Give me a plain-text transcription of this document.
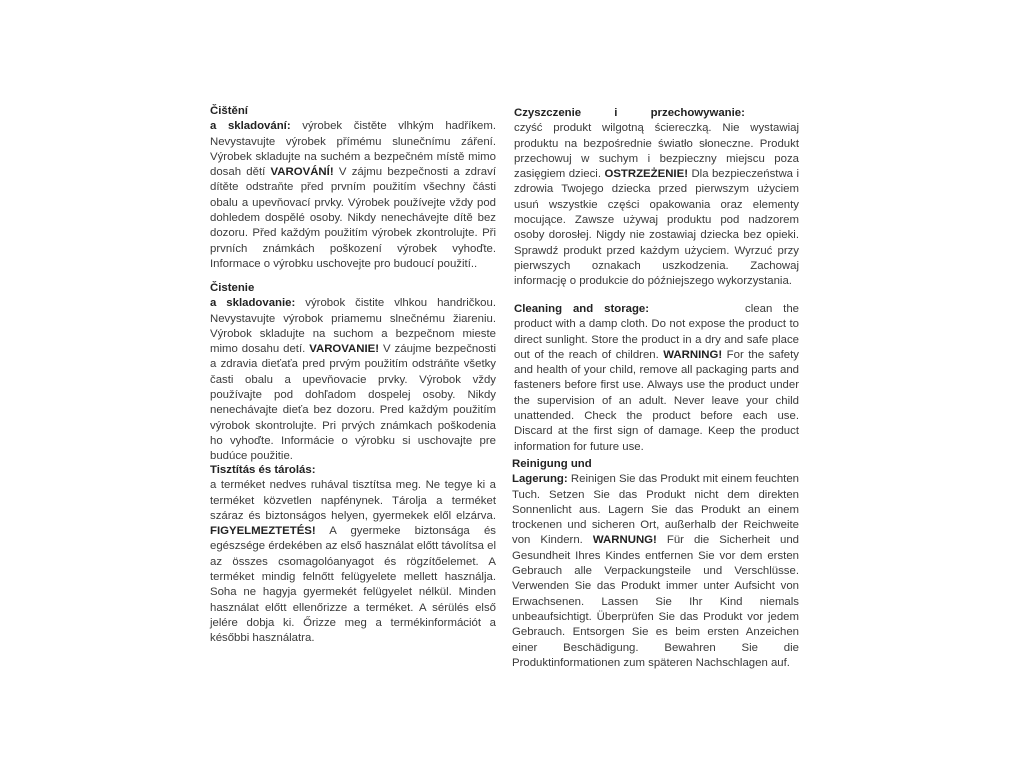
Čištění
a skladování: výrobek čistěte vlhkým hadříkem. Nevystavujte výrobek přímému slunečnímu záření. Výrobek skladujte na suchém a bezpečném místě mimo dosah dětí VAROVÁNÍ! V zájmu bezpečnosti a zdraví dítěte odstraňte před prvním použitím všechny části obalu a upevňovací prvky. Výrobek používejte vždy pod dohledem dospělé osoby. Nikdy nenechávejte dítě bez dozoru. Před každým použitím výrobek zkontrolujte. Při prvních známkách poškození výrobek vyhoďte. Informace o výrobku uschovejte pro budoucí použití..
Čistenie
a skladovanie: výrobok čistite vlhkou handričkou. Nevystavujte výrobok priamemu slnečnému žiareniu. Výrobok skladujte na suchom a bezpečnom mieste mimo dosahu detí. VAROVANIE! V záujme bezpečnosti a zdravia dieťaťa pred prvým použitím odstráňte všetky časti obalu a upevňovacie prvky. Výrobok vždy používajte pod dohľadom dospelej osoby. Nikdy nenechávajte dieťa bez dozoru. Pred každým použitím výrobok skontrolujte. Pri prvých známkach poškodenia ho vyhoďte. Informácie o výrobku si uschovajte pre budúce použitie.
Tisztítás és tárolás:
a terméket nedves ruhával tisztítsa meg. Ne tegye ki a terméket közvetlen napfénynek. Tárolja a terméket száraz és biztonságos helyen, gyermekek elől elzárva. FIGYELMEZTETÉS! A gyermeke biztonsága és egészsége érdekében az első használat előtt távolítsa el az összes csomagolóanyagot és rögzítőelemet. A terméket mindig felnőtt felügyelete mellett használja. Soha ne hagyja gyermekét felügyelet nélkül. Minden használat előtt ellenőrizze a terméket. A sérülés első jelére dobja ki. Őrizze meg a termékinformációt a későbbi használatra.
Czyszczenie i przechowywanie:
czyść produkt wilgotną ściereczką. Nie wystawiaj produktu na bezpośrednie światło słoneczne. Produkt przechowuj w suchym i bezpieczny miejscu poza zasięgiem dzieci. OSTRZEŻENIE! Dla bezpieczeństwa i zdrowia Twojego dziecka przed pierwszym użyciem usuń wszystkie części opakowania oraz elementy mocujące. Zawsze używaj produktu pod nadzorem osoby dorosłej. Nigdy nie zostawiaj dziecka bez opieki. Sprawdź produkt przed każdym użyciem. Wyrzuć przy pierwszych oznakach uszkodzenia. Zachowaj informację o produkcie do późniejszego wykorzystania.
Cleaning and storage:	clean the product with a damp cloth. Do not expose the product to direct sunlight. Store the product in a dry and safe place out of the reach of children. WARNING! For the safety and health of your child, remove all packaging parts and fasteners before first use. Always use the product under the supervision of an adult. Never leave your child unattended. Check the product before each use. Discard at the first sign of damage. Keep the product information for future use.
Reinigung und
Lagerung: Reinigen Sie das Produkt mit einem feuchten Tuch. Setzen Sie das Produkt nicht dem direkten Sonnenlicht aus. Lagern Sie das Produkt an einem trockenen und sicheren Ort, außerhalb der Reichweite von Kindern. WARNUNG! Für die Sicherheit und Gesundheit Ihres Kindes entfernen Sie vor dem ersten Gebrauch alle Verpackungsteile und Verschlüsse. Verwenden Sie das Produkt immer unter Aufsicht von Erwachsenen. Lassen Sie Ihr Kind niemals unbeaufsichtigt. Überprüfen Sie das Produkt vor jedem Gebrauch. Entsorgen Sie es beim ersten Anzeichen einer Beschädigung. Bewahren Sie die Produktinformationen zum späteren Nachschlagen auf.
